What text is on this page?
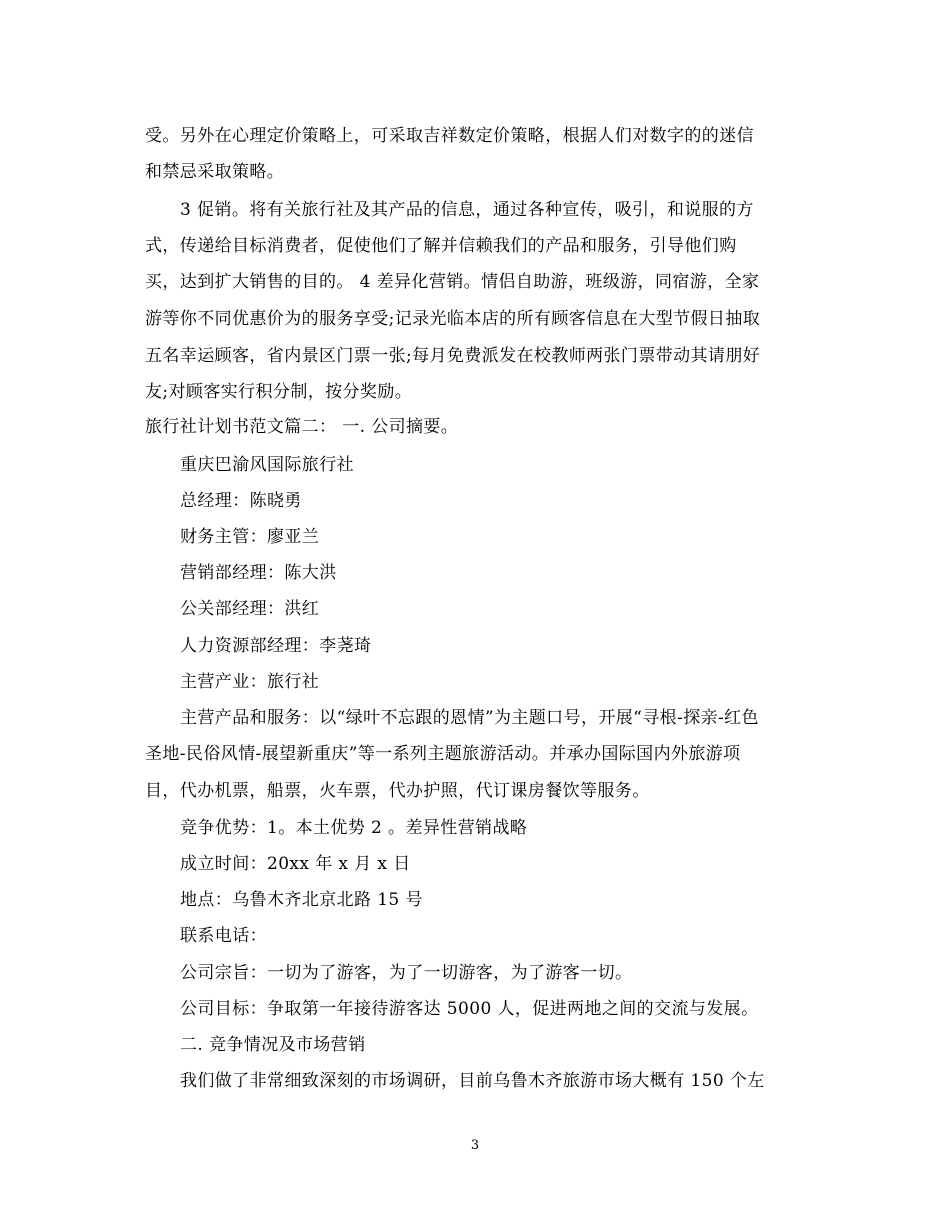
受。另外在心理定价策略上，可采取吉祥数定价策略，根据人们对数字的的迷信
和禁忌采取策略。
3 促销。将有关旅行社及其产品的信息，通过各种宣传，吸引，和说服的方
式，传递给目标消费者，促使他们了解并信赖我们的产品和服务，引导他们购
买，达到扩大销售的目的。 4 差异化营销。情侣自助游，班级游，同宿游，全家
游等你不同优惠价为的服务享受;记录光临本店的所有顾客信息在大型节假日抽取
五名幸运顾客，省内景区门票一张;每月免费派发在校教师两张门票带动其请朋好
友;对顾客实行积分制，按分奖励。
旅行社计划书范文篇二： 一. 公司摘要。
重庆巴渝风国际旅行社
总经理：陈晓勇
财务主管：廖亚兰
营销部经理：陈大洪
公关部经理：洪红
人力资源部经理：李荛琦
主营产业：旅行社
主营产品和服务：以“绿叶不忘跟的恩情”为主题口号，开展“寻根-探亲-红色
圣地-民俗风情-展望新重庆”等一系列主题旅游活动。并承办国际国内外旅游项
目，代办机票，船票，火车票，代办护照，代订课房餐饮等服务。
竞争优势：1。本土优势 2 。差异性营销战略
成立时间：20xx 年 x 月 x 日
地点：乌鲁木齐北京北路 15 号
联系电话：
公司宗旨：一切为了游客，为了一切游客，为了游客一切。
公司目标：争取第一年接待游客达 5000 人，促进两地之间的交流与发展。
二. 竞争情况及市场营销
我们做了非常细致深刻的市场调研，目前乌鲁木齐旅游市场大概有 150 个左
3
